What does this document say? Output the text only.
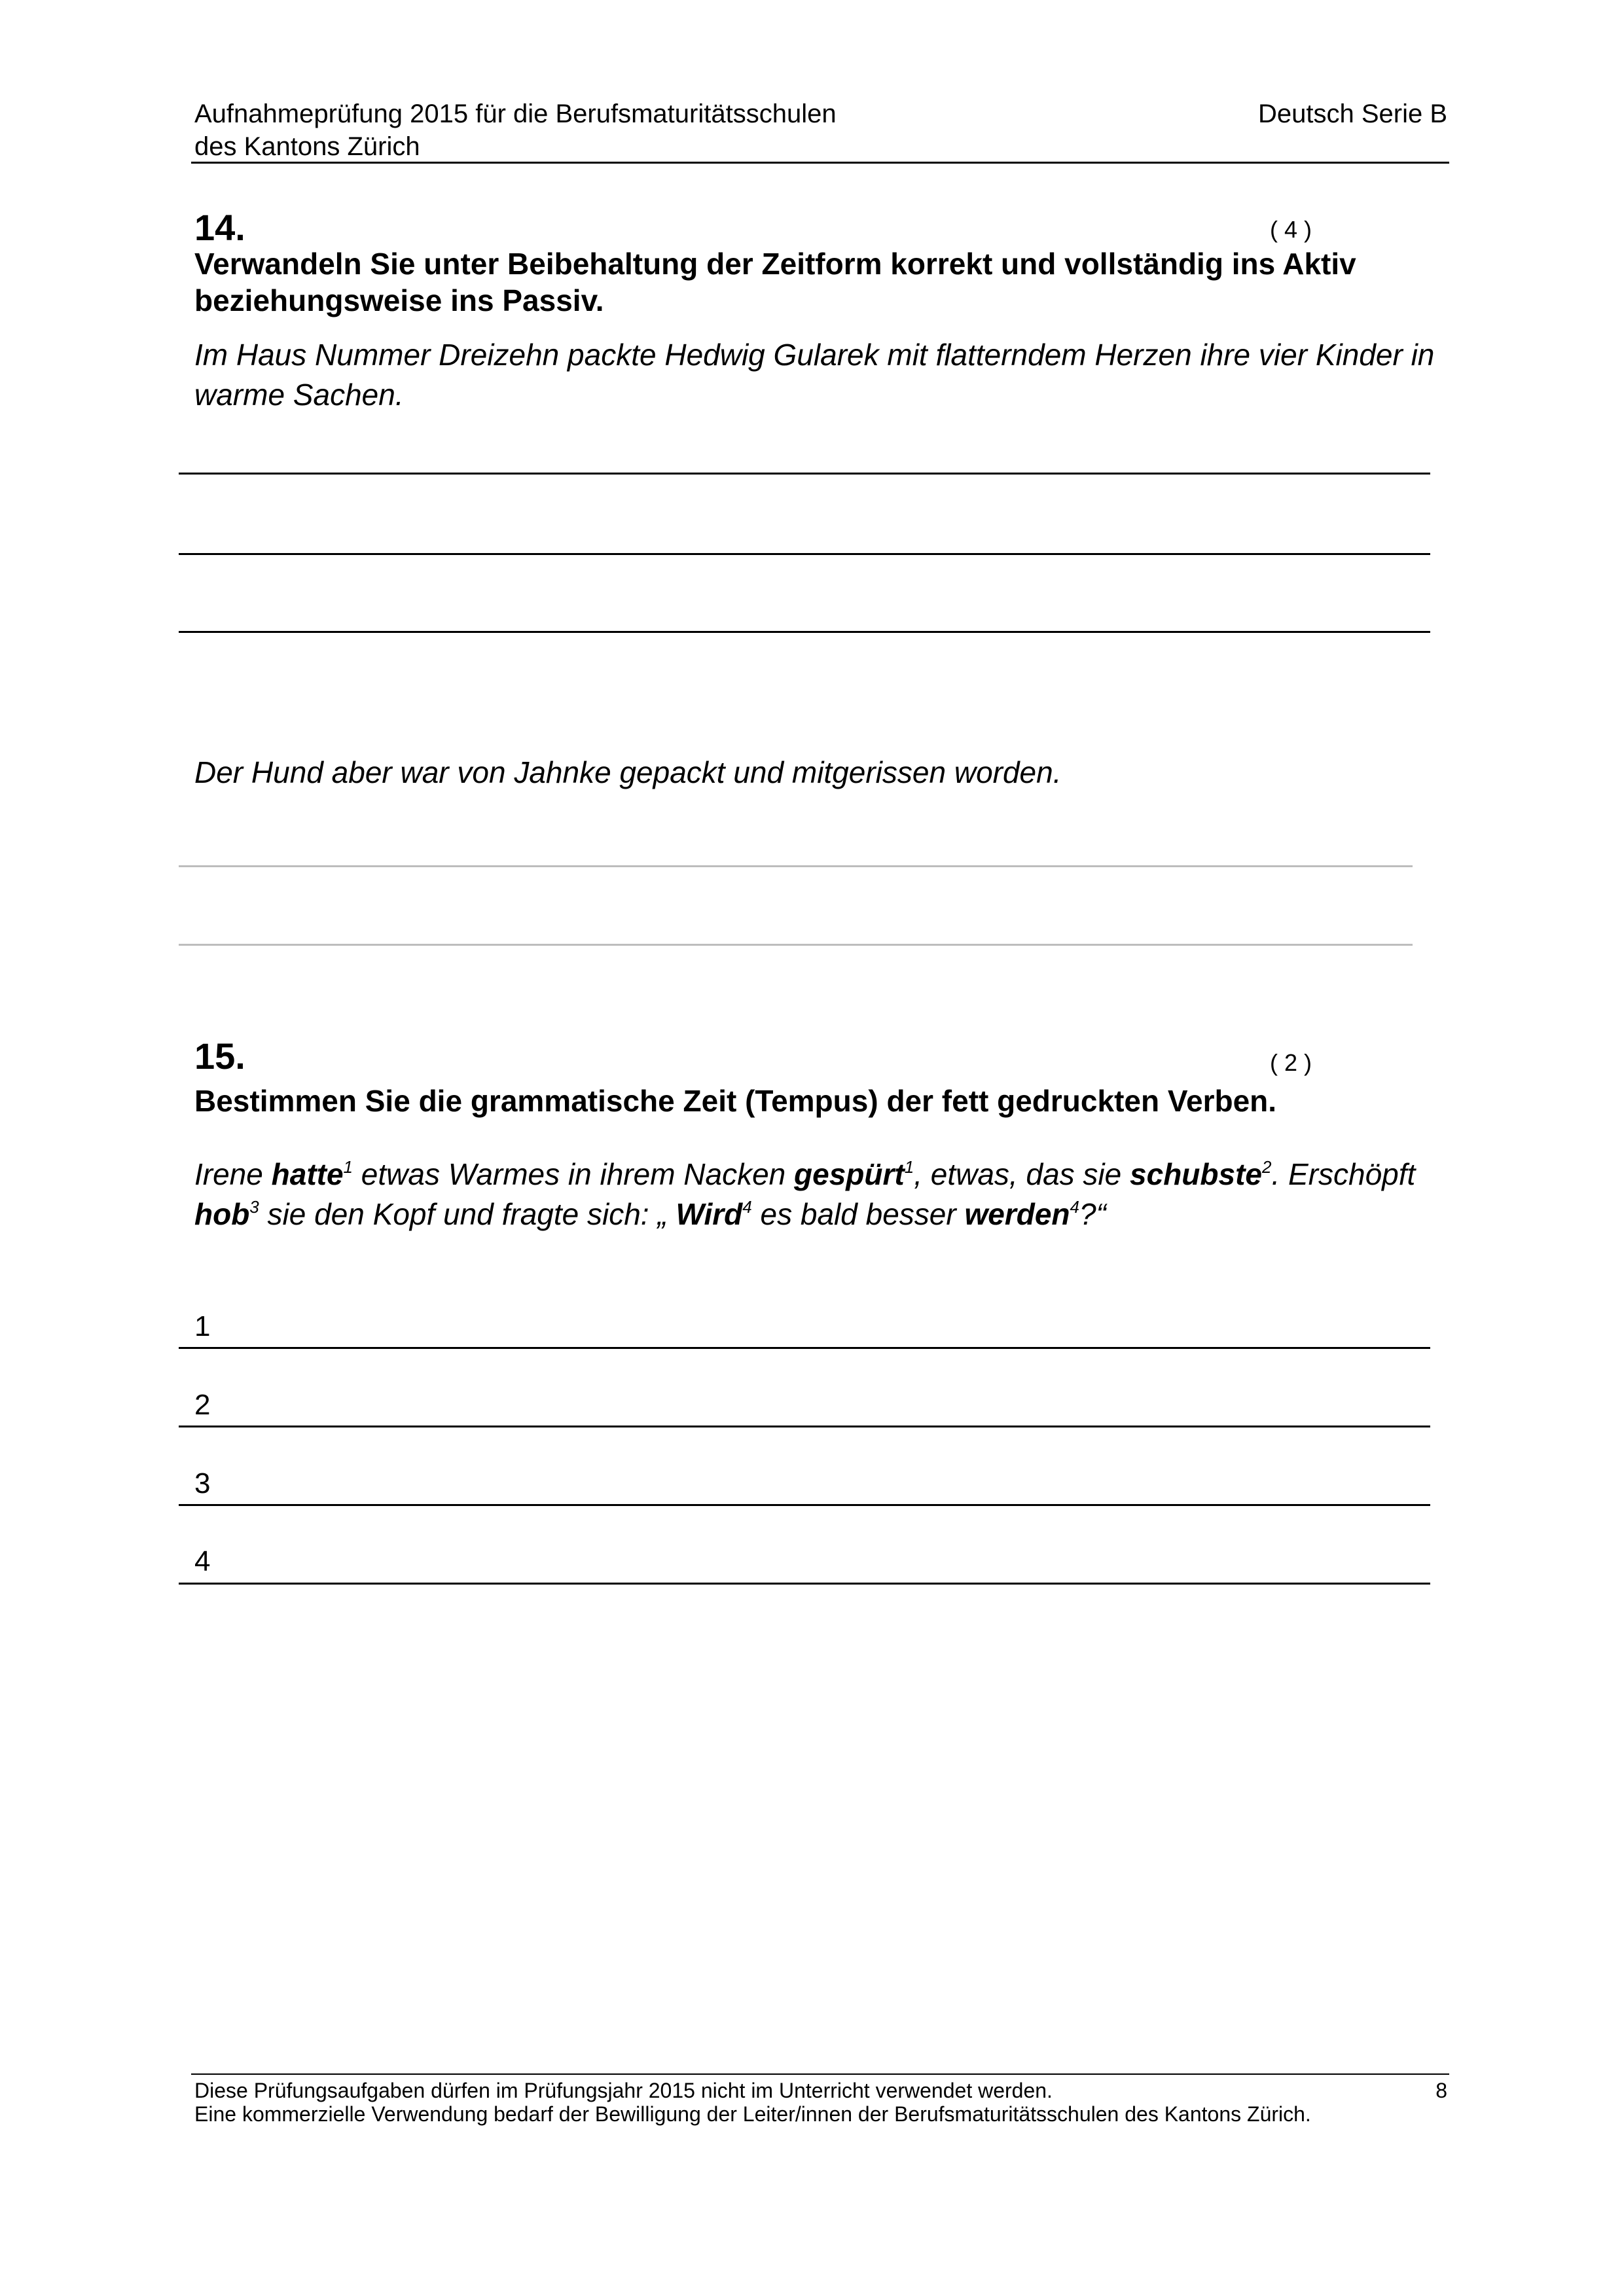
Aufnahmeprüfung 2015 für die Berufsmaturitätsschulen
des Kantons Zürich
Deutsch Serie B
14.	( 4 )
Verwandeln Sie unter Beibehaltung der Zeitform korrekt und vollständig ins Aktiv
beziehungsweise ins Passiv.
Im Haus Nummer Dreizehn packte Hedwig Gularek mit flatterndem Herzen ihre vier Kinder in
warme Sachen.
Der Hund aber war von Jahnke gepackt und mitgerissen worden.
15.	( 2 )
Bestimmen Sie die grammatische Zeit (Tempus) der fett gedruckten Verben.
Irene hatte$^1$ etwas Warmes in ihrem Nacken gespürt$^1$, etwas, das sie schubste$^2$. Erschöpft
hob$^3$ sie den Kopf und fragte sich: „ Wird$^4$ es bald besser werden$^4$?“
1
2
3
4
Diese Prüfungsaufgaben dürfen im Prüfungsjahr 2015 nicht im Unterricht verwendet werden.
Eine kommerzielle Verwendung bedarf der Bewilligung der Leiter/innen der Berufsmaturitätsschulen des Kantons Zürich.
8
